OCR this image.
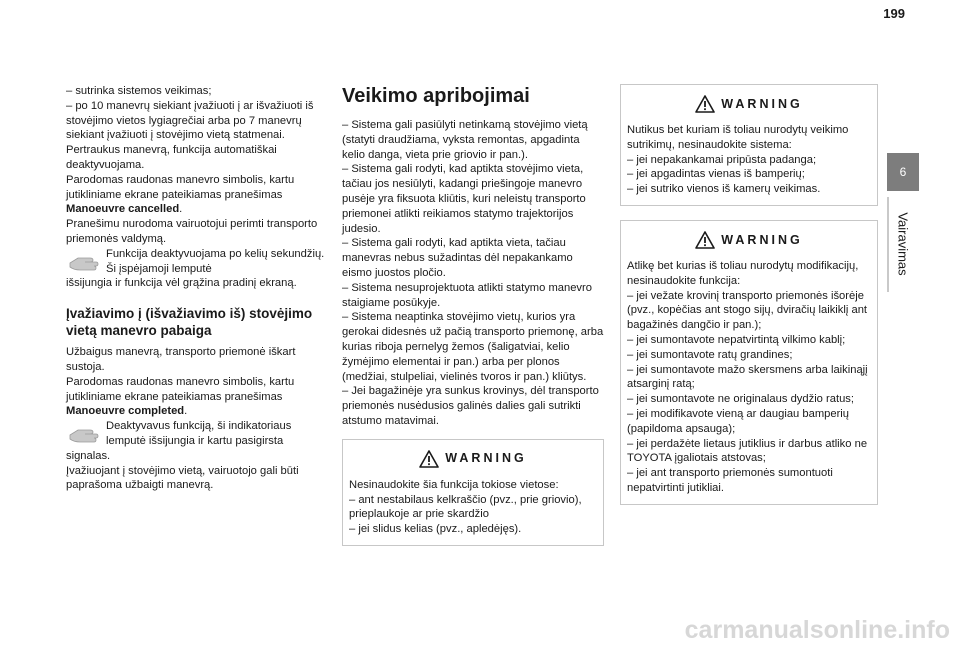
199
6
Vairavimas

– sutrinka sistemos veikimas;
– po 10 manevrų siekiant įvažiuoti į ar išvažiuoti iš stovėjimo vietos lygiagrečiai arba po 7 manevrų siekiant įvažiuoti į stovėjimo vietą statmenai.
Pertraukus manevrą, funkcija automatiškai deaktyvuojama.
Parodomas raudonas manevro simbolis, kartu jutikliniame ekrane pateikiamas pranešimas
Manoeuvre cancelled.

Pranešimu nurodoma vairuotojui perimti transporto priemonės valdymą.

Funkcija deaktyvuojama po kelių sekundžių. Ši įspėjamoji lemputė

išsijungia ir funkcija vėl grąžina pradinį ekraną.

Įvažiavimo į (išvažiavimo iš) stovėjimo vietą manevro pabaiga

Užbaigus manevrą, transporto priemonė iškart sustoja.
Parodomas raudonas manevro simbolis, kartu jutikliniame ekrane pateikiamas pranešimas
Manoeuvre completed.

Deaktyvavus funkciją, ši indikatoriaus lemputė išsijungia ir kartu pasigirsta

signalas.
Įvažiuojant į stovėjimo vietą, vairuotojo gali būti paprašoma užbaigti manevrą.

Veikimo apribojimai

– Sistema gali pasiūlyti netinkamą stovėjimo vietą (statyti draudžiama, vyksta remontas, apgadinta kelio danga, vieta prie griovio ir pan.).
– Sistema gali rodyti, kad aptikta stovėjimo vieta, tačiau jos nesiūlyti, kadangi priešingoje manevro pusėje yra fiksuota kliūtis, kuri neleistų transporto priemonei atlikti reikiamos statymo trajektorijos judesio.
– Sistema gali rodyti, kad aptikta vieta, tačiau manevras nebus sužadintas dėl nepakankamo eismo juostos pločio.
– Sistema nesuprojektuota atlikti statymo manevro staigiame posūkyje.
– Sistema neaptinka stovėjimo vietų, kurios yra gerokai didesnės už pačią transporto priemonę, arba kurias riboja pernelyg žemos (šaligatviai, kelio žymėjimo elementai ir pan.) arba per plonos (medžiai, stulpeliai, vielinės tvoros ir pan.) kliūtys.
– Jei bagažinėje yra sunkus krovinys, dėl transporto priemonės nusėdusios galinės dalies gali sutrikti atstumo matavimai.

WARNING

Nesinaudokite šia funkcija tokiose vietose:
– ant nestabilaus kelkraščio (pvz., prie griovio), prieplaukoje ar prie skardžio
– jei slidus kelias (pvz., apledėjęs).

WARNING

Nutikus bet kuriam iš toliau nurodytų veikimo sutrikimų, nesinaudokite sistema:
– jei nepakankamai pripūsta padanga;
– jei apgadintas vienas iš bamperių;
– jei sutriko vienos iš kamerų veikimas.

WARNING

Atlikę bet kurias iš toliau nurodytų modifikacijų, nesinaudokite funkcija:
– jei vežate krovinį transporto priemonės išorėje (pvz., kopėčias ant stogo sijų, dviračių laikiklį ant bagažinės dangčio ir pan.);
– jei sumontavote nepatvirtintą vilkimo kablį;
– jei sumontavote ratų grandines;
– jei sumontavote mažo skersmens arba laikinąjį atsarginį ratą;
– jei sumontavote ne originalaus dydžio ratus;
– jei modifikavote vieną ar daugiau bamperių (papildoma apsauga);
– jei perdažėte lietaus jutiklius ir darbus atliko ne TOYOTA įgaliotais atstovas;
– jei ant transporto priemonės sumontuoti nepatvirtinti jutikliai.

carmanualsonline.info
